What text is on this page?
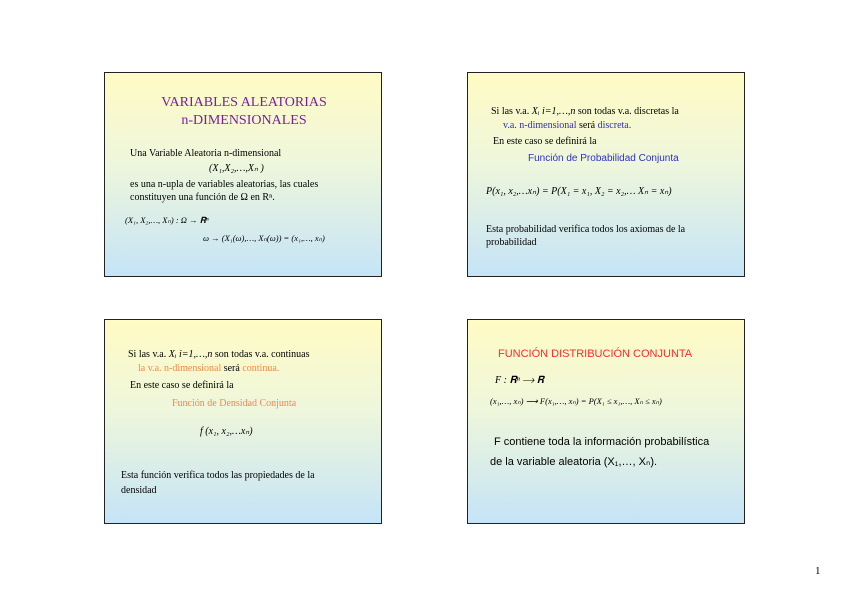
VARIABLES ALEATORIAS
n-DIMENSIONALES
Una Variable Aleatoria n-dimensional
(X₁,X₂,…,Xₙ )
es una n-upla de variables aleatorias, las cuales
constituyen una función de Ω en Rⁿ.
(X₁, X₂,…, Xₙ) : Ω → 𝐑ⁿ
ω → (X₁(ω),…, Xₙ(ω)) = (x₁,…, xₙ)
Si las v.a. Xᵢ i=1,…,n son todas v.a. discretas la
v.a. n-dimensional será discreta.
En este caso se definirá la
Función de Probabilidad Conjunta
P(x₁, x₂,…xₙ) = P(X₁ = x₁, X₂ = x₂,… Xₙ = xₙ)
Esta probabilidad verifica todos los axiomas de la
probabilidad
Si las v.a. Xᵢ i=1,…,n son todas v.a. continuas
la v.a. n-dimensional será continua.
En este caso se definirá la
Función de Densidad Conjunta
f (x₁, x₂,…xₙ)
Esta función verifica todos las propiedades de la
densidad
FUNCIÓN DISTRIBUCIÓN CONJUNTA
F : 𝐑ⁿ ⟶ 𝐑
(x₁,…, xₙ) ⟶ F(x₁,…, xₙ) = P(X₁ ≤ x₁,…, Xₙ ≤ xₙ)
F contiene toda la información probabilística
de la variable aleatoria (X₁,…, Xₙ).
1
